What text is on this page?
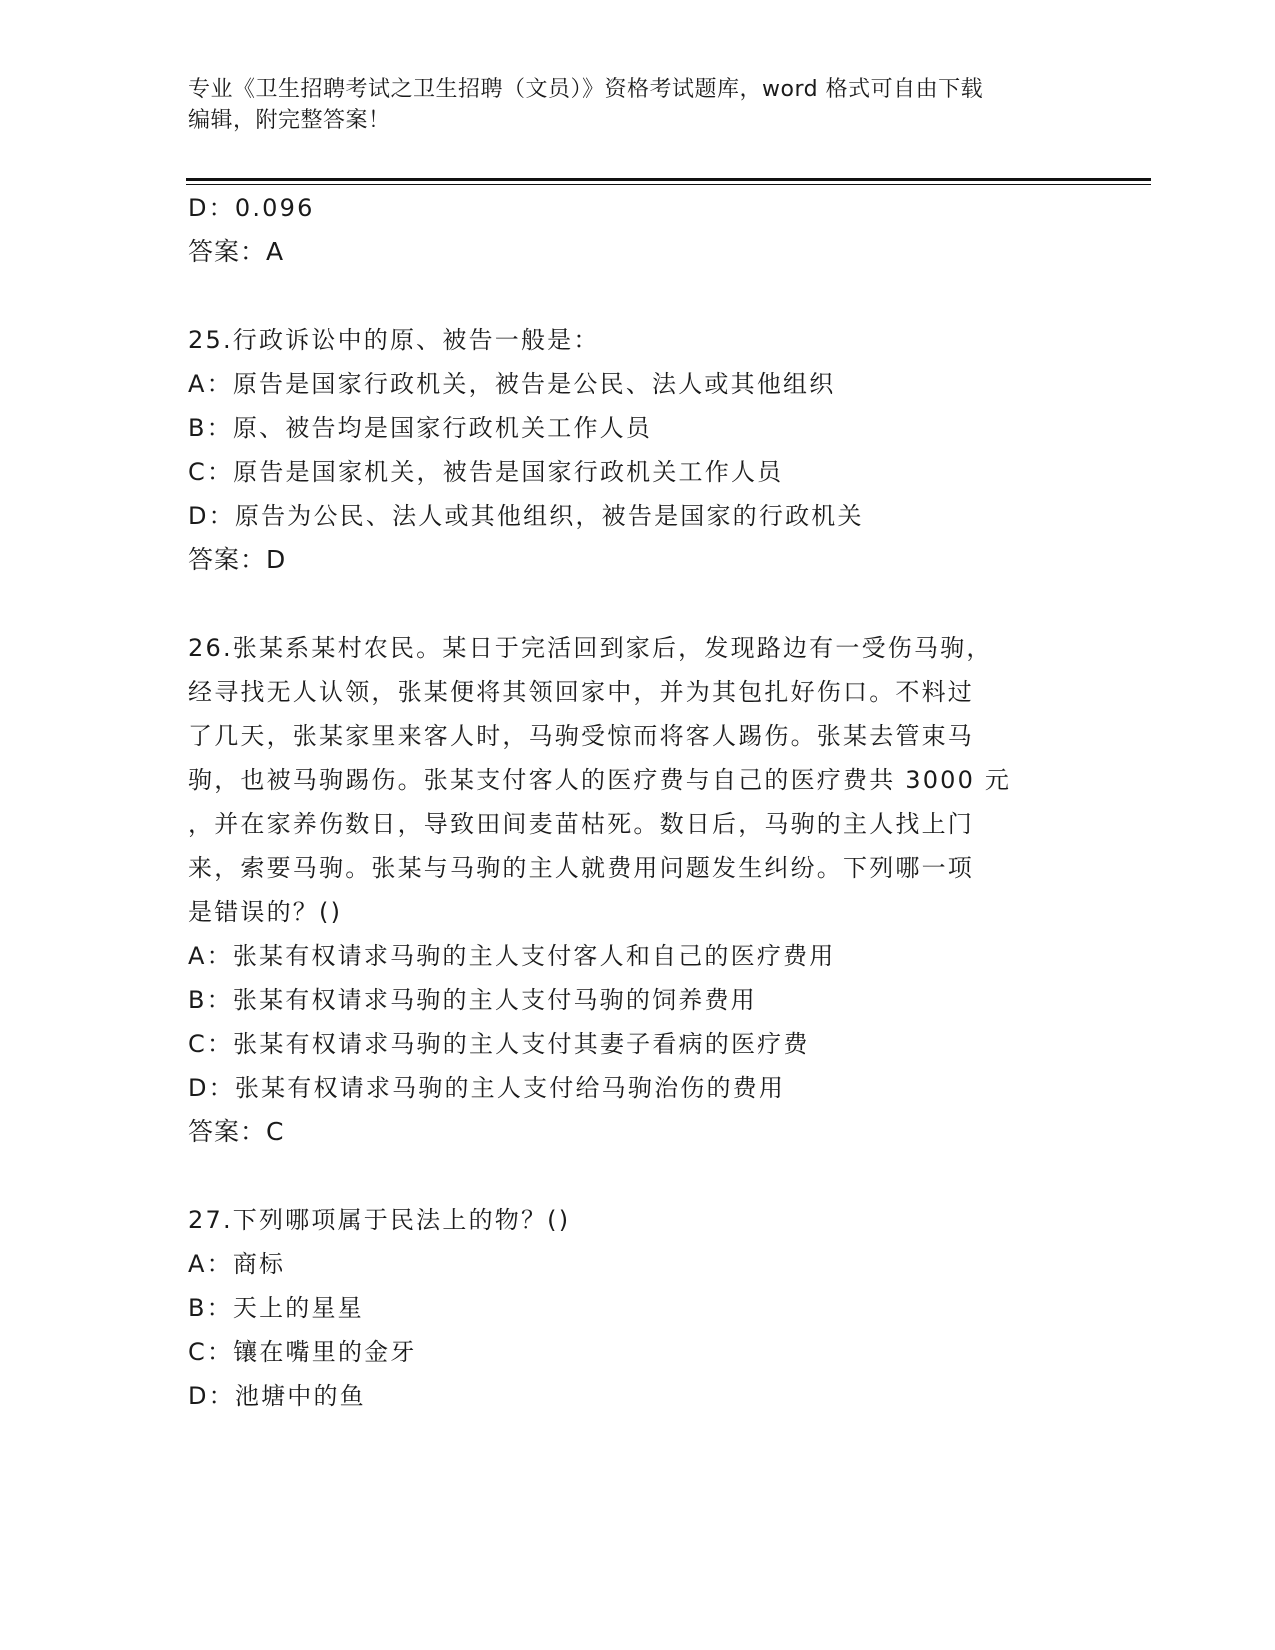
专业《卫生招聘考试之卫生招聘（文员）》资格考试题库，word 格式可自由下载
编辑，附完整答案！
D：0.096
答案：A
25.行政诉讼中的原、被告一般是：
A：原告是国家行政机关，被告是公民、法人或其他组织
B：原、被告均是国家行政机关工作人员
C：原告是国家机关，被告是国家行政机关工作人员
D：原告为公民、法人或其他组织，被告是国家的行政机关
答案：D
26.张某系某村农民。某日于完活回到家后，发现路边有一受伤马驹，
经寻找无人认领，张某便将其领回家中，并为其包扎好伤口。不料过
了几天，张某家里来客人时，马驹受惊而将客人踢伤。张某去管束马
驹，也被马驹踢伤。张某支付客人的医疗费与自己的医疗费共 3000 元
，并在家养伤数日，导致田间麦苗枯死。数日后，马驹的主人找上门
来，索要马驹。张某与马驹的主人就费用问题发生纠纷。下列哪一项
是错误的？()
A：张某有权请求马驹的主人支付客人和自己的医疗费用
B：张某有权请求马驹的主人支付马驹的饲养费用
C：张某有权请求马驹的主人支付其妻子看病的医疗费
D：张某有权请求马驹的主人支付给马驹治伤的费用
答案：C
27.下列哪项属于民法上的物？()
A：商标
B：天上的星星
C：镶在嘴里的金牙
D：池塘中的鱼
